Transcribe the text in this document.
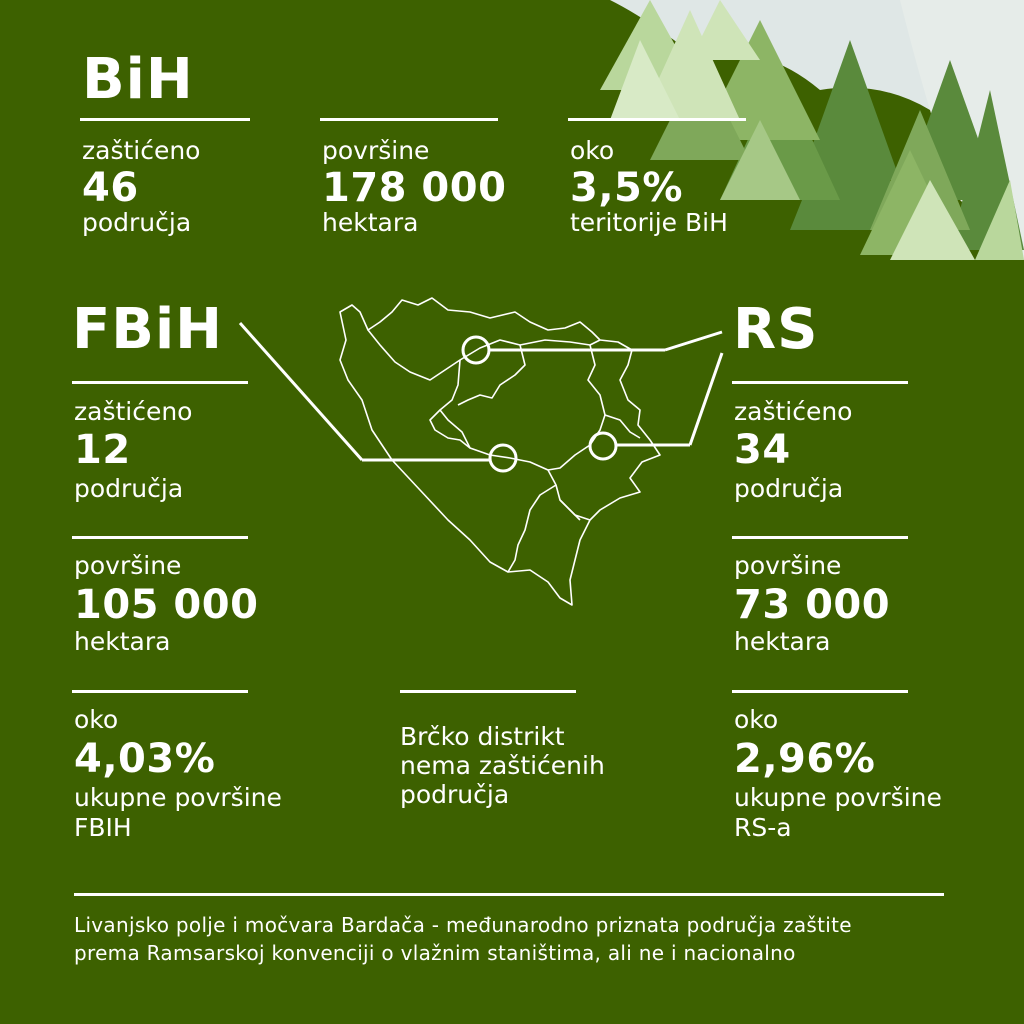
BiH
zaštićeno
46
područja
površine
178 000
hektara
oko
3,5%
teritorije BiH
FBiH
zaštićeno
12
područja
površine
105 000
hektara
oko
4,03%
ukupne površine
FBIH
RS
zaštićeno
34
područja
površine
73 000
hektara
oko
2,96%
ukupne površine
RS-a
Brčko distrikt
nema zaštićenih
područja
Livanjsko polje i močvara Bardača - međunarodno priznata područja zaštite
prema Ramsarskoj konvenciji o vlažnim staništima, ali ne i nacionalno
